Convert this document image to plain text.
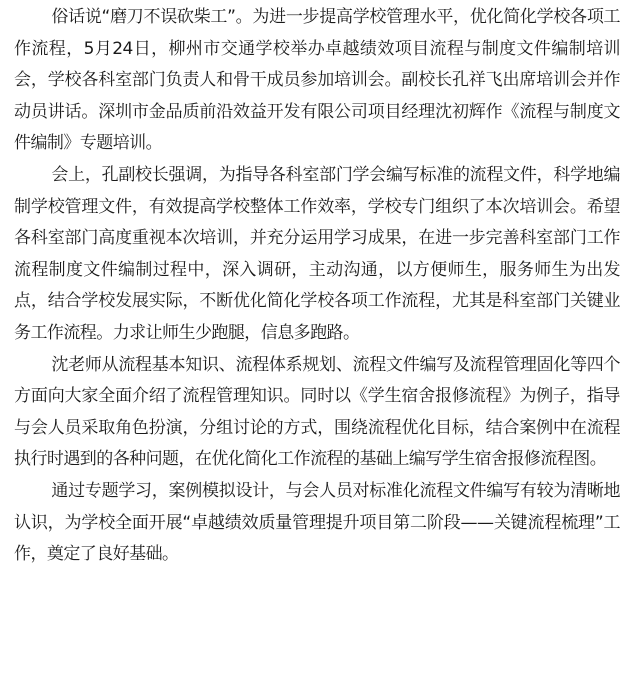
俗话说“磨刀不误砍柴工”。为进一步提高学校管理水平，优化简化学校各项工作流程，5月24日，柳州市交通学校举办卓越绩效项目流程与制度文件编制培训会，学校各科室部门负责人和骨干成员参加培训会。副校长孔祥飞出席培训会并作动员讲话。深圳市金品质前沿效益开发有限公司项目经理沈初辉作《流程与制度文件编制》专题培训。

会上，孔副校长强调，为指导各科室部门学会编写标准的流程文件，科学地编制学校管理文件，有效提高学校整体工作效率，学校专门组织了本次培训会。希望各科室部门高度重视本次培训，并充分运用学习成果，在进一步完善科室部门工作流程制度文件编制过程中，深入调研，主动沟通，以方便师生，服务师生为出发点，结合学校发展实际，不断优化简化学校各项工作流程，尤其是科室部门关键业务工作流程。力求让师生少跑腿，信息多跑路。

沈老师从流程基本知识、流程体系规划、流程文件编写及流程管理固化等四个方面向大家全面介绍了流程管理知识。同时以《学生宿舍报修流程》为例子，指导与会人员采取角色扮演，分组讨论的方式，围绕流程优化目标，结合案例中在流程执行时遇到的各种问题，在优化简化工作流程的基础上编写学生宿舍报修流程图。

通过专题学习，案例模拟设计，与会人员对标准化流程文件编写有较为清晰地认识，为学校全面开展“卓越绩效质量管理提升项目第二阶段——关键流程梳理”工作，奠定了良好基础。
